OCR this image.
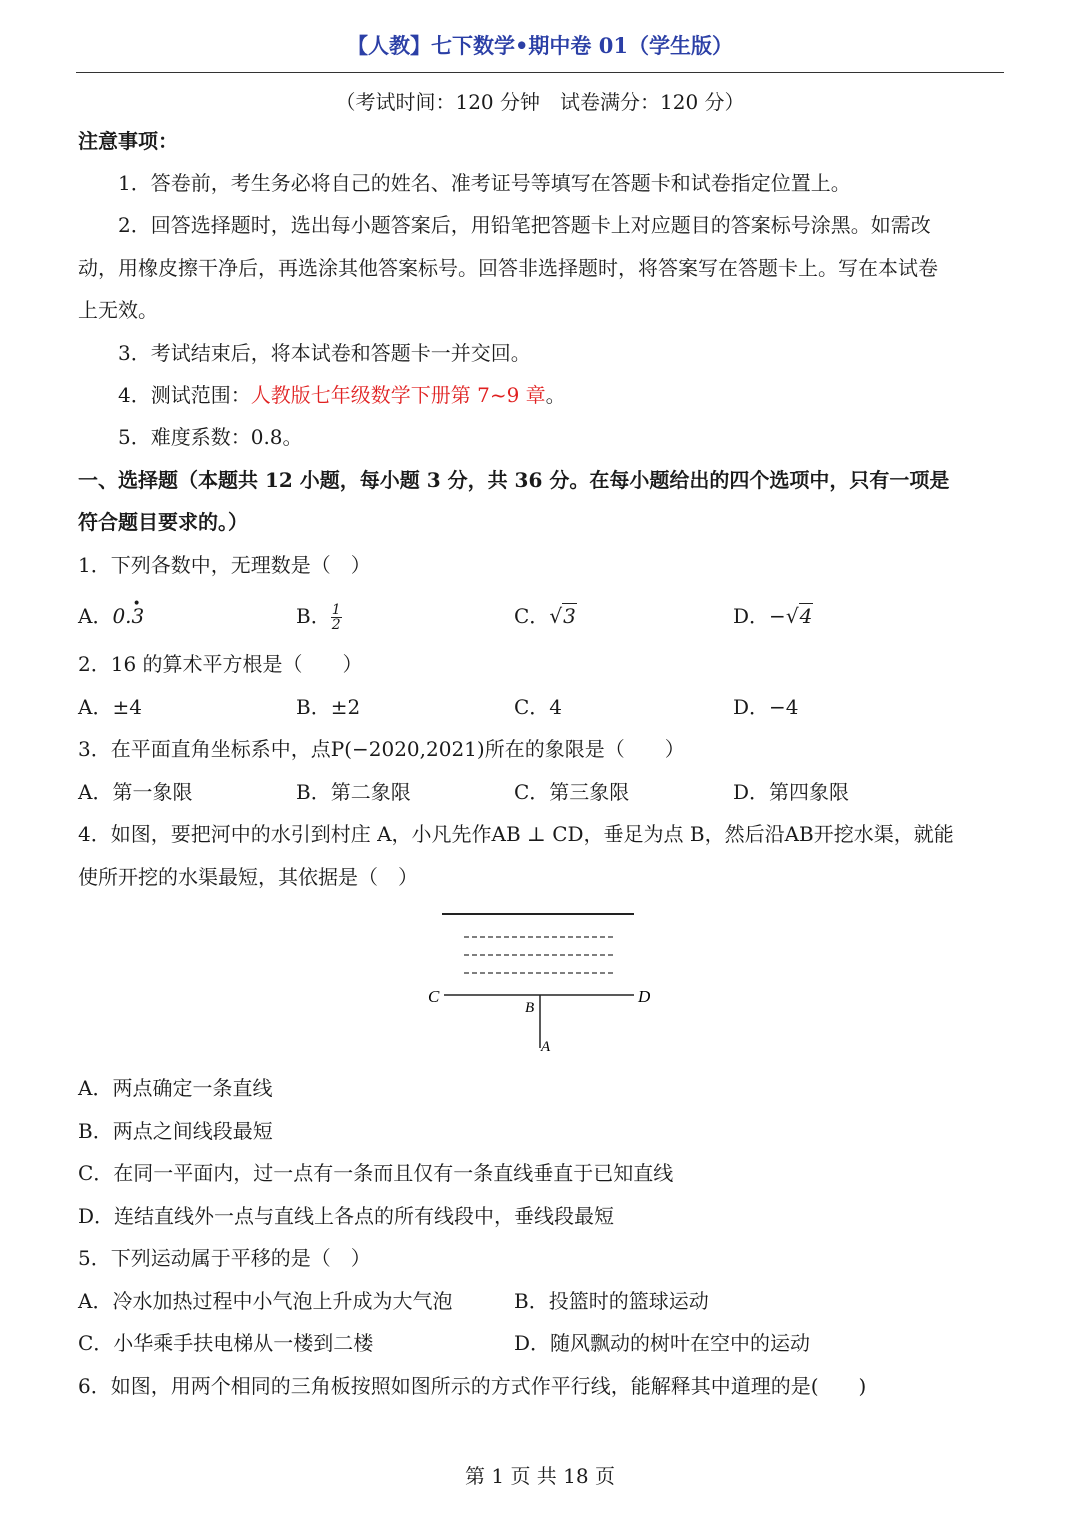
【人教】七下数学•期中卷 01（学生版）
（考试时间：120 分钟　试卷满分：120 分）
注意事项：
1．答卷前，考生务必将自己的姓名、准考证号等填写在答题卡和试卷指定位置上。
2．回答选择题时，选出每小题答案后，用铅笔把答题卡上对应题目的答案标号涂黑。如需改
动，用橡皮擦干净后，再选涂其他答案标号。回答非选择题时，将答案写在答题卡上。写在本试卷
上无效。
3．考试结束后，将本试卷和答题卡一并交回。
4．测试范围：人教版七年级数学下册第 7~9 章。
5．难度系数：0.8。
一、选择题（本题共 12 小题，每小题 3 分，共 36 分。在每小题给出的四个选项中，只有一项是
符合题目要求的。）
1．下列各数中，无理数是（　）
A．0.• 3	B． $\frac{1}{2}$	C．√3	D．−√4
2．16 的算术平方根是（　　）
A．±4	B．±2	C．4	D．−4
3．在平面直角坐标系中，点P(−2020,2021)所在的象限是（　　）
A．第一象限	B．第二象限	C．第三象限	D．第四象限
4．如图，要把河中的水引到村庄 A，小凡先作AB ⊥ CD，垂足为点 B，然后沿AB开挖水渠，就能
使所开挖的水渠最短，其依据是（　）
C	D
B
A
A．两点确定一条直线
B．两点之间线段最短
C．在同一平面内，过一点有一条而且仅有一条直线垂直于已知直线
D．连结直线外一点与直线上各点的所有线段中，垂线段最短
5．下列运动属于平移的是（　）
A．冷水加热过程中小气泡上升成为大气泡	B．投篮时的篮球运动
C．小华乘手扶电梯从一楼到二楼	D．随风飘动的树叶在空中的运动
6．如图，用两个相同的三角板按照如图所示的方式作平行线，能解释其中道理的是(　　)
第 1 页 共 18 页
